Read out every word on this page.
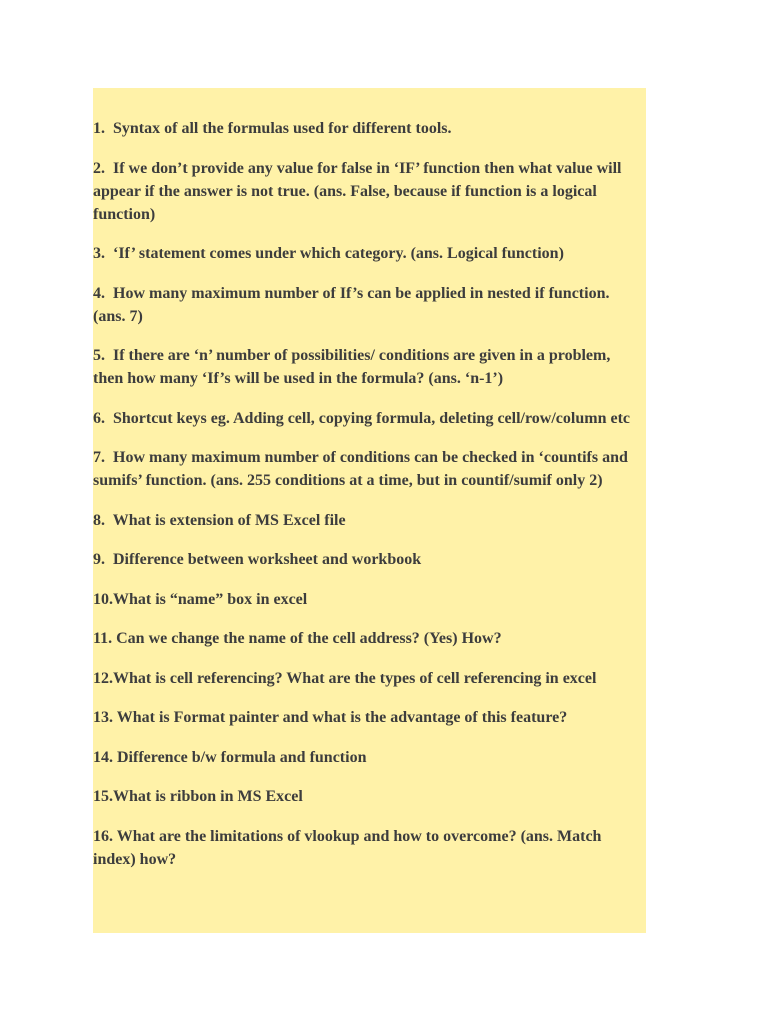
1.  Syntax of all the formulas used for different tools.
2.  If we don’t provide any value for false in ‘IF’ function then what value will appear if the answer is not true. (ans. False, because if function is a logical function)
3.  ‘If’ statement comes under which category. (ans. Logical function)
4.  How many maximum number of If’s can be applied in nested if function. (ans. 7)
5.  If there are ‘n’ number of possibilities/ conditions are given in a problem, then how many ‘If’s will be used in the formula? (ans. ‘n-1’)
6.  Shortcut keys eg. Adding cell, copying formula, deleting cell/row/column etc
7.  How many maximum number of conditions can be checked in ‘countifs and sumifs’ function. (ans. 255 conditions at a time, but in countif/sumif only 2)
8.  What is extension of MS Excel file
9.  Difference between worksheet and workbook
10.What is “name” box in excel
11. Can we change the name of the cell address? (Yes) How?
12.What is cell referencing? What are the types of cell referencing in excel
13. What is Format painter and what is the advantage of this feature?
14. Difference b/w formula and function
15.What is ribbon in MS Excel
16. What are the limitations of vlookup and how to overcome? (ans. Match index) how?
